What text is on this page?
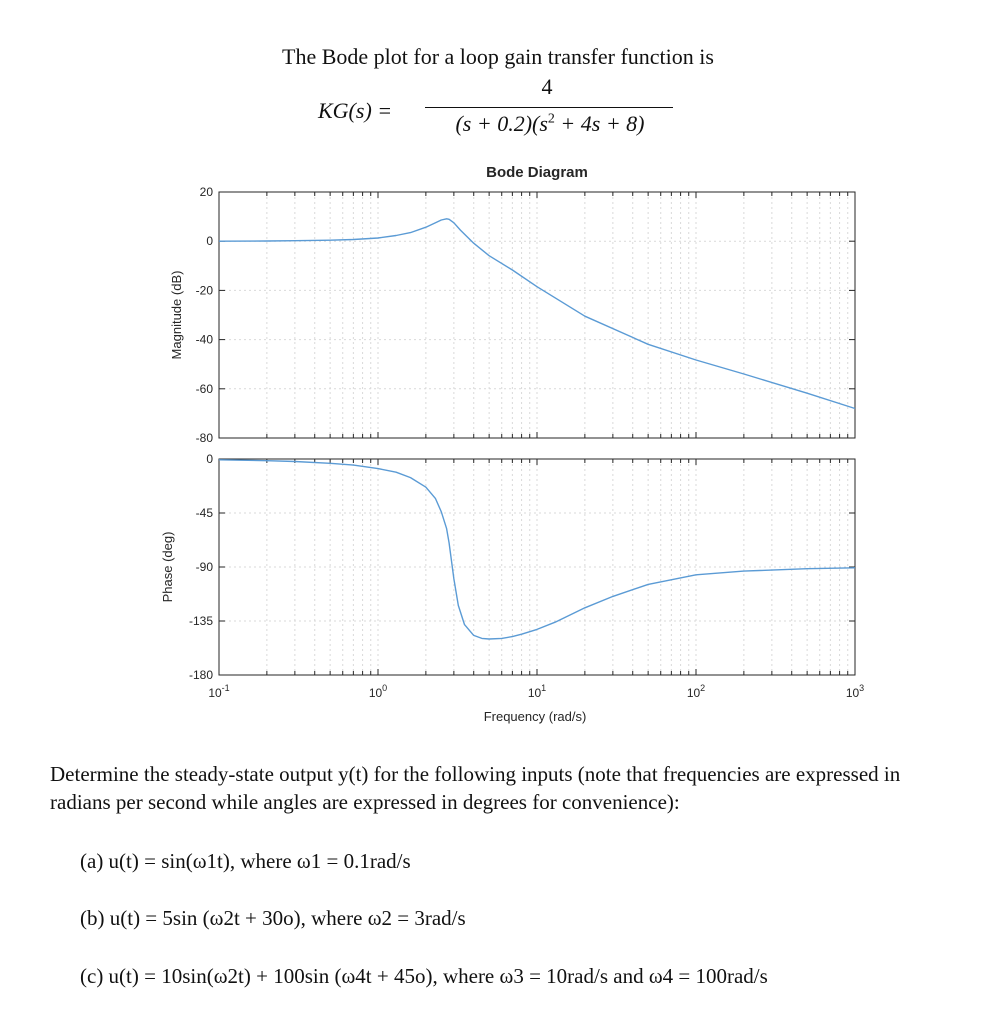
The Bode plot for a loop gain transfer function is

KG(s) =
4
$(s + 0.2)(s^2 + 4s + 8)$
Bode Diagram
20
0
-20
-40
-60
-80
Magnitude (dB)
0
-45
-90
-135
-180
Phase (deg)
$10^{-1}$	$10^0$	$10^1$	$10^2$	$10^3$
Frequency (rad/s)

Determine the steady-state output y(t) for the following inputs (note that frequencies are expressed in radians per second while angles are expressed in degrees for convenience):

(a) u(t) = sin(ω1t), where ω1 = 0.1rad/s

(b) u(t) = 5sin (ω2t + 30o), where ω2 = 3rad/s

(c) u(t) = 10sin(ω2t) + 100sin (ω4t + 45o), where ω3 = 10rad/s and ω4 = 100rad/s
